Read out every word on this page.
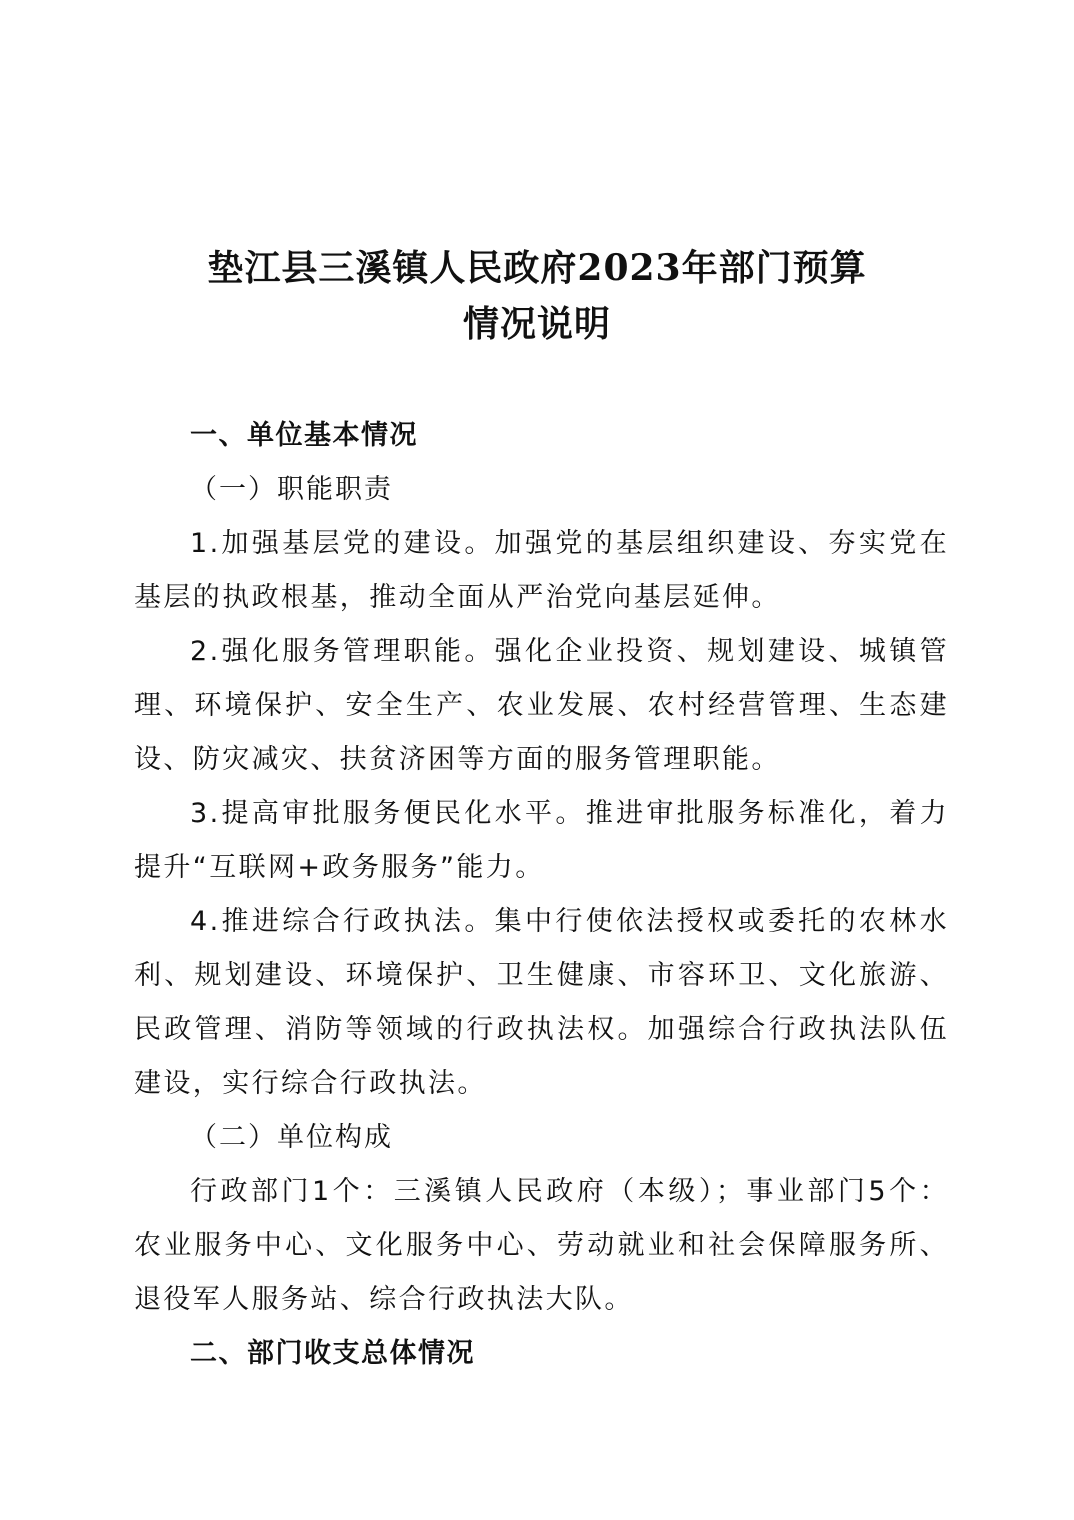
垫江县三溪镇人民政府2023年部门预算
情况说明
一、单位基本情况
（一）职能职责
1.加强基层党的建设。加强党的基层组织建设、夯实党在基层的执政根基，推动全面从严治党向基层延伸。
2.强化服务管理职能。强化企业投资、规划建设、城镇管理、环境保护、安全生产、农业发展、农村经营管理、生态建设、防灾减灾、扶贫济困等方面的服务管理职能。
3.提高审批服务便民化水平。推进审批服务标准化，着力提升“互联网+政务服务”能力。
4.推进综合行政执法。集中行使依法授权或委托的农林水利、规划建设、环境保护、卫生健康、市容环卫、文化旅游、民政管理、消防等领域的行政执法权。加强综合行政执法队伍建设，实行综合行政执法。
（二）单位构成
行政部门1个：三溪镇人民政府（本级）；事业部门5个：农业服务中心、文化服务中心、劳动就业和社会保障服务所、退役军人服务站、综合行政执法大队。
二、部门收支总体情况
